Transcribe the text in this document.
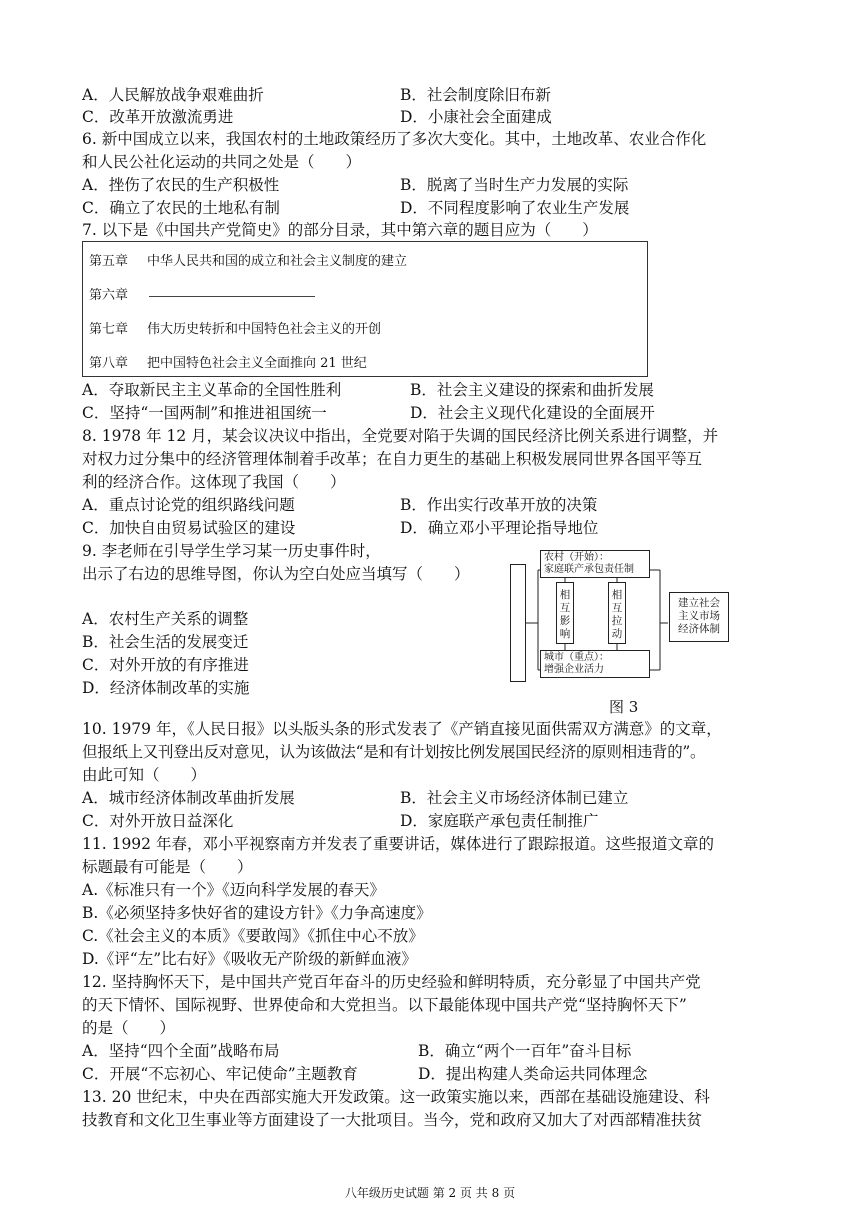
A．人民解放战争艰难曲折	B．社会制度除旧布新
C．改革开放激流勇进	D．小康社会全面建成
6. 新中国成立以来，我国农村的土地政策经历了多次大变化。其中，土地改革、农业合作化
和人民公社化运动的共同之处是（　　）
A．挫伤了农民的生产积极性	B．脱离了当时生产力发展的实际
C．确立了农民的土地私有制	D．不同程度影响了农业生产发展
7. 以下是《中国共产党简史》的部分目录，其中第六章的题目应为（　　）
第五章 中华人民共和国的成立和社会主义制度的建立
第六章
第七章 伟大历史转折和中国特色社会主义的开创
第八章 把中国特色社会主义全面推向 21 世纪
A．夺取新民主主义革命的全国性胜利	B．社会主义建设的探索和曲折发展
C．坚持“一国两制”和推进祖国统一	D．社会主义现代化建设的全面展开
8. 1978 年 12 月，某会议决议中指出，全党要对陷于失调的国民经济比例关系进行调整，并
对权力过分集中的经济管理体制着手改革；在自力更生的基础上积极发展同世界各国平等互
利的经济合作。这体现了我国（　　）
A．重点讨论党的组织路线问题	B．作出实行改革开放的决策
C．加快自由贸易试验区的建设	D．确立邓小平理论指导地位
9. 李老师在引导学生学习某一历史事件时，
出示了右边的思维导图，你认为空白处应当填写（　　）
A．农村生产关系的调整
B．社会生活的发展变迁
C．对外开放的有序推进
D．经济体制改革的实施
农村（开始）：
家庭联产承包责任制
相互影响
相互拉动
城市（重点）：
增强企业活力
建立社会主义市场经济体制
图 3
10. 1979 年，《人民日报》以头版头条的形式发表了《产销直接见面供需双方满意》的文章，
但报纸上又刊登出反对意见，认为该做法“是和有计划按比例发展国民经济的原则相违背的”。
由此可知（　　）
A．城市经济体制改革曲折发展	B．社会主义市场经济体制已建立
C．对外开放日益深化	D．家庭联产承包责任制推广
11. 1992 年春，邓小平视察南方并发表了重要讲话，媒体进行了跟踪报道。这些报道文章的
标题最有可能是（　　）
A.《标准只有一个》《迈向科学发展的春天》
B.《必须坚持多快好省的建设方针》《力争高速度》
C.《社会主义的本质》《要敢闯》《抓住中心不放》
D.《评“左”比右好》《吸收无产阶级的新鲜血液》
12. 坚持胸怀天下，是中国共产党百年奋斗的历史经验和鲜明特质，充分彰显了中国共产党
的天下情怀、国际视野、世界使命和大党担当。以下最能体现中国共产党“坚持胸怀天下”
的是（　　）
A．坚持“四个全面”战略布局	B．确立“两个一百年”奋斗目标
C．开展“不忘初心、牢记使命”主题教育	D．提出构建人类命运共同体理念
13. 20 世纪末，中央在西部实施大开发政策。这一政策实施以来，西部在基础设施建设、科
技教育和文化卫生事业等方面建设了一大批项目。当今，党和政府又加大了对西部精准扶贫
八年级历史试题 第 2 页 共 8 页
